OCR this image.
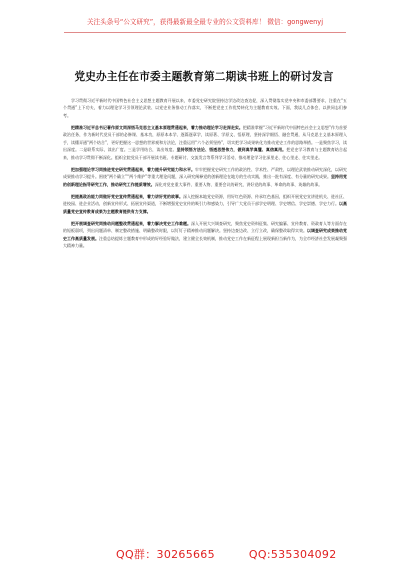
关注头条号“公文研究”，获得最新最全最专业的公文资料库！ 微信：gongwenyj
党史办主任在市委主题教育第二期读书班上的研讨发言

学习贯彻习近平新时代中国特色社会主义思想主题教育开展以来，市委党史研究院坚持边学边改边查边促，深入贯彻落实党中央和市委部署要求，注重在“五个贯通”上下功夫，着力以理论学习引领理论武装、以党史业务推动工作落实，不断把党史工作优势转化为主题教育实效。下面，我谈几点体会，以供同志们参考。

把精准习近平总书记著作原文同深悟马克思主义基本原理贯通起来，着力推动理论学习走深走实。把精准掌握“习近平新时代中国特色社会主义思想”作为首要政治任务，作为新时代党员干部的必修课、基本功，原原本本学、逐篇逐章学，读原著、学原文、悟原理，坚持深学细悟、融会贯通，从马克思主义基本原理入手，读懂弄通“两个结合”，更好把握这一思想的世界观和方法论，注重运用“六个必须坚持”，切实把学习成果转化为推动党史工作的思路举措。一是聚焦学习，读出深度。二是联系实际，读出广度。三是学用结合，读出效度。坚持领悟方法论、悟透思想伟力，做到真学真懂、真信真用。把党史学习教育与主题教育结合起来，推动学习贯彻不断深化。组织全院党员干部开展读书班、专题研讨、交流发言等系列学习活动，推动理论学习往深里走、往心里走、往实里走。

把加强理论学习同推进党史研究贯通起来，着力提升研究能力和水平。牢牢把握党史研究工作的政治性、学术性、严肃性，以理论武装推动研究深化，以研究成果推动学习提升。围绕“两个确立”“两个维护”等重大理论问题，深入研究阐释党的创新理论在地方的生动实践，推出一批有深度、有分量的研究成果。坚持用党的创新理论指导研究工作，推动研究工作提质增效。深化对党史重大事件、重要人物、重要会议的研究，讲好党的故事、革命的故事、英雄的故事。

把提高政治能力同做好党史宣传贯通起来，着力讲好党的故事。深入挖掘本地党史资源，用好红色资源、传承红色基因，组织开展党史宣讲进机关、进社区、进校园、进企业活动，创新宣传形式、拓展宣传渠道，不断增强党史宣传的吸引力和感染力，引导广大党员干部学史明理、学史增信、学史崇德、学史力行。以高质量党史宣传教育成果为主题教育提供有力支撑。

把开展调查研究同推动问题整改贯通起来，着力解决党史工作难题。深入开展大兴调查研究，聚焦党史资料征集、研究编纂、宣传教育、资政育人等方面存在的短板弱项，列出问题清单、制定整改措施、明确整改时限，以钉钉子精神推动问题解决。坚持边查边改、立行立改，确保整改取得实效。以调查研究成果推动党史工作高质量发展。注重总结提炼主题教育中形成的好经验好做法，建立健全长效机制，推动党史工作在新征程上展现新担当新作为，为全市经济社会发展凝聚强大精神力量。

QQ群：30265665	QQ:535304092
